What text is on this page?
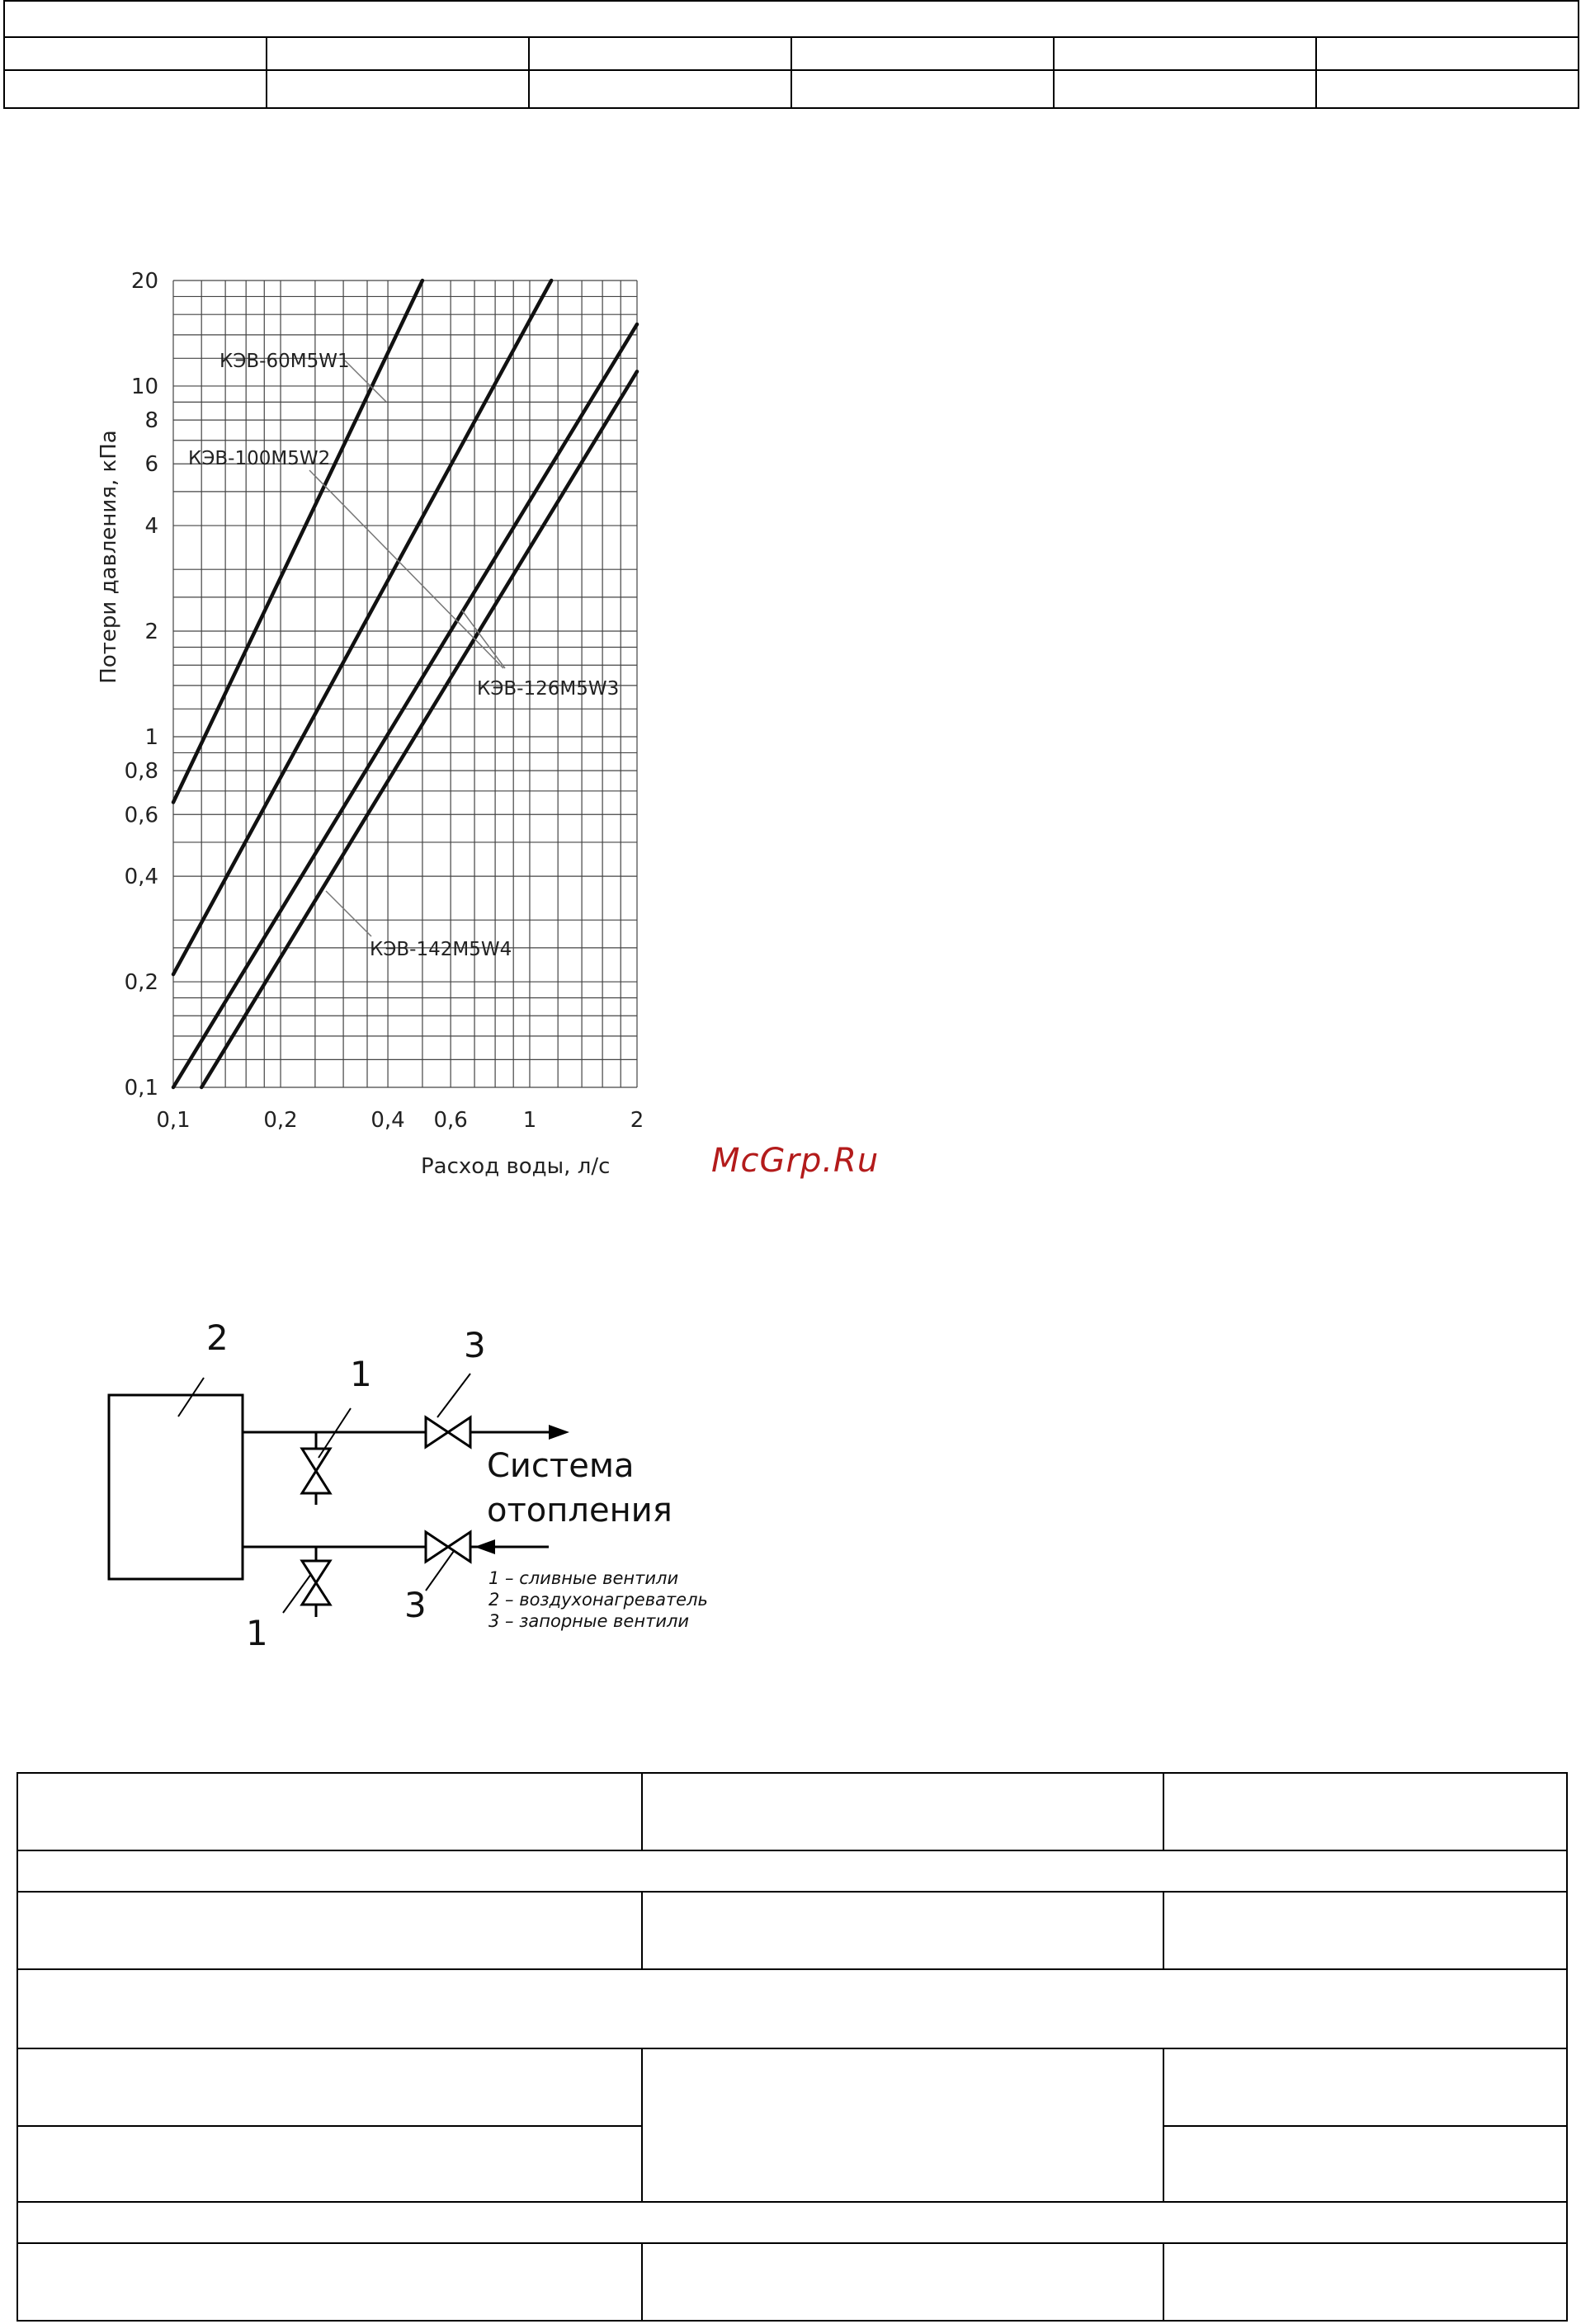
0,1	0,2	0,4 0,6	1	2
0,1
0,2
0,4
0,6
0,8
1
2
4
6
8
10
20
Потери давления, кПа
Расход воды, л/с
КЭВ-60M5W1
КЭВ-100M5W2
КЭВ-126M5W3
КЭВ-142M5W4
McGrp.Ru
2
1
3
1
3
Система
отопления
1 – сливные вентили
2 – воздухонагреватель
3 – запорные вентили
